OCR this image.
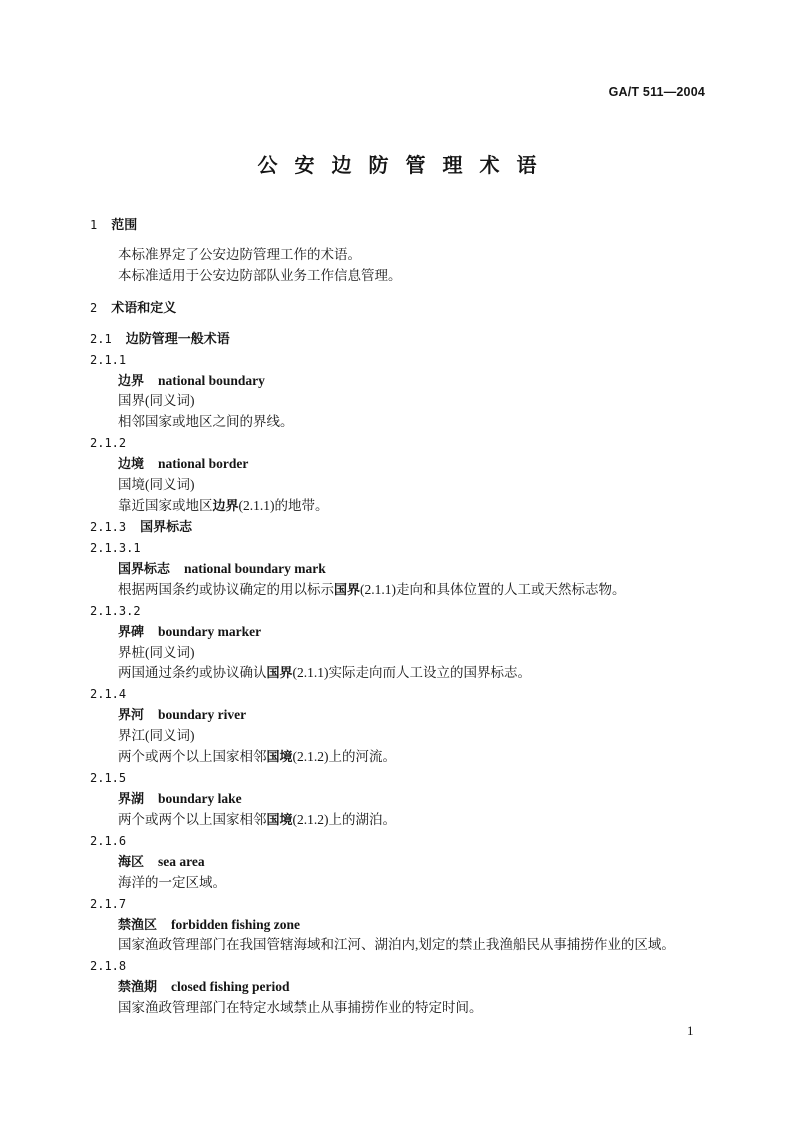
GA/T 511—2004
公安边防管理术语
1 范围
本标准界定了公安边防管理工作的术语。
本标准适用于公安边防部队业务工作信息管理。
2 术语和定义
2.1 边防管理一般术语
2.1.1
边界 national boundary
国界(同义词)
相邻国家或地区之间的界线。
2.1.2
边境 national border
国境(同义词)
靠近国家或地区边界(2.1.1)的地带。
2.1.3 国界标志
2.1.3.1
国界标志 national boundary mark
根据两国条约或协议确定的用以标示国界(2.1.1)走向和具体位置的人工或天然标志物。
2.1.3.2
界碑 boundary marker
界桩(同义词)
两国通过条约或协议确认国界(2.1.1)实际走向而人工设立的国界标志。
2.1.4
界河 boundary river
界江(同义词)
两个或两个以上国家相邻国境(2.1.2)上的河流。
2.1.5
界湖 boundary lake
两个或两个以上国家相邻国境(2.1.2)上的湖泊。
2.1.6
海区 sea area
海洋的一定区域。
2.1.7
禁渔区 forbidden fishing zone
国家渔政管理部门在我国管辖海域和江河、湖泊内,划定的禁止我渔船民从事捕捞作业的区域。
2.1.8
禁渔期 closed fishing period
国家渔政管理部门在特定水域禁止从事捕捞作业的特定时间。
1
